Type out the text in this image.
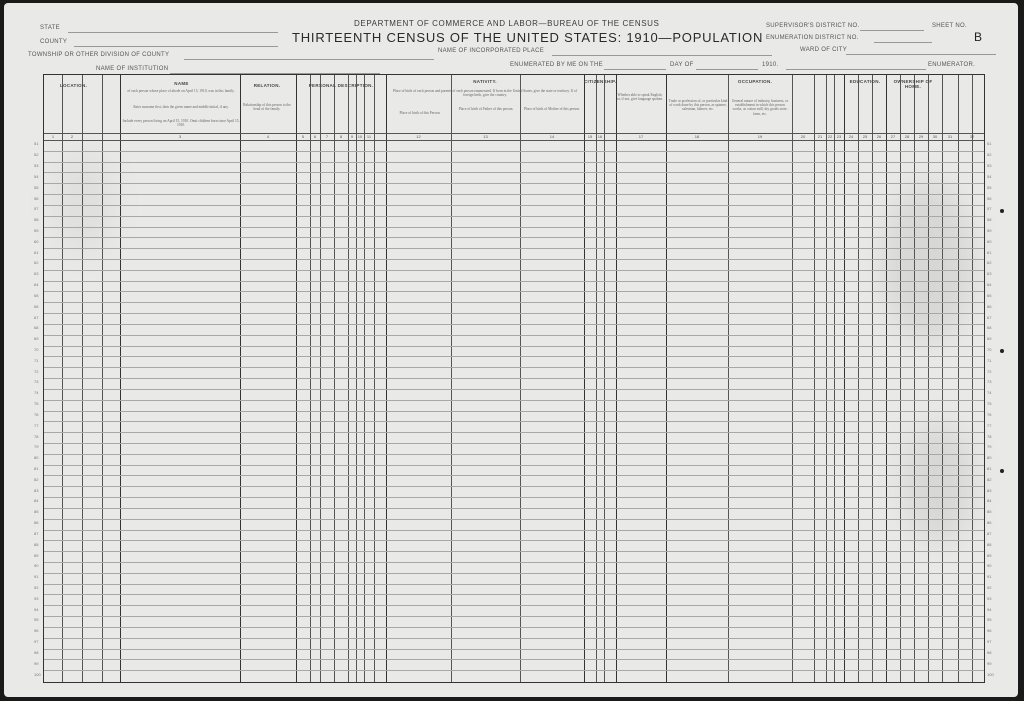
STATE
COUNTY
TOWNSHIP OR OTHER DIVISION OF COUNTY
NAME OF INSTITUTION
DEPARTMENT OF COMMERCE AND LABOR—BUREAU OF THE CENSUS
THIRTEENTH CENSUS OF THE UNITED STATES: 1910—POPULATION
NAME OF INCORPORATED PLACE
ENUMERATED BY ME ON THE	DAY OF	1910.	ENUMERATOR.
SUPERVISOR'S DISTRICT NO.	SHEET NO.
B
ENUMERATION DISTRICT NO.
WARD OF CITY
LOCATION.	NAME
of each person whose place of abode on April 15, 1910, was in this family.
Enter surname first, then the given name and middle initial, if any.
Include every person living on April 15, 1910. Omit children born since April 15, 1910.
RELATION.
Relationship of this person to the head of the family.
PERSONAL DESCRIPTION.
NATIVITY.
Place of birth of each person and parents of each person enumerated. If born in the United States, give the state or territory. If of foreign birth, give the country.
Place of birth of this Person.
Place of birth of Father of this person.	Place of birth of Mother of this person.
CITIZENSHIP.
Whether able to speak English; or, if not, give language spoken.
OCCUPATION.
Trade or profession of, or particular kind of work done by this person, as spinner, salesman, laborer, etc.
General nature of industry, business, or establishment in which this person works, as cotton mill, dry goods store, farm, etc.
EDUCATION.	OWNERSHIP OF HOME.
1	2	3	4	5	6	7	8	9	10	11	12	13	14	15	16	17	18	19	20	21	22	23	24	25	26	27	28	29	30	31	32
51
52
53
54
55
56
57
58
59
60
61
62
63
64
65
66
67
68
69
70
71
72
73
74
75
76
77
78
79
80
81
82
83
84
85
86
87
88
89
90
91
92
93
94
95
96
97
98
99
100
51
52
53
54
55
56
57
58
59
60
61
62
63
64
65
66
67
68
69
70
71
72
73
74
75
76
77
78
79
80
81
82
83
84
85
86
87
88
89
90
91
92
93
94
95
96
97
98
99
100
